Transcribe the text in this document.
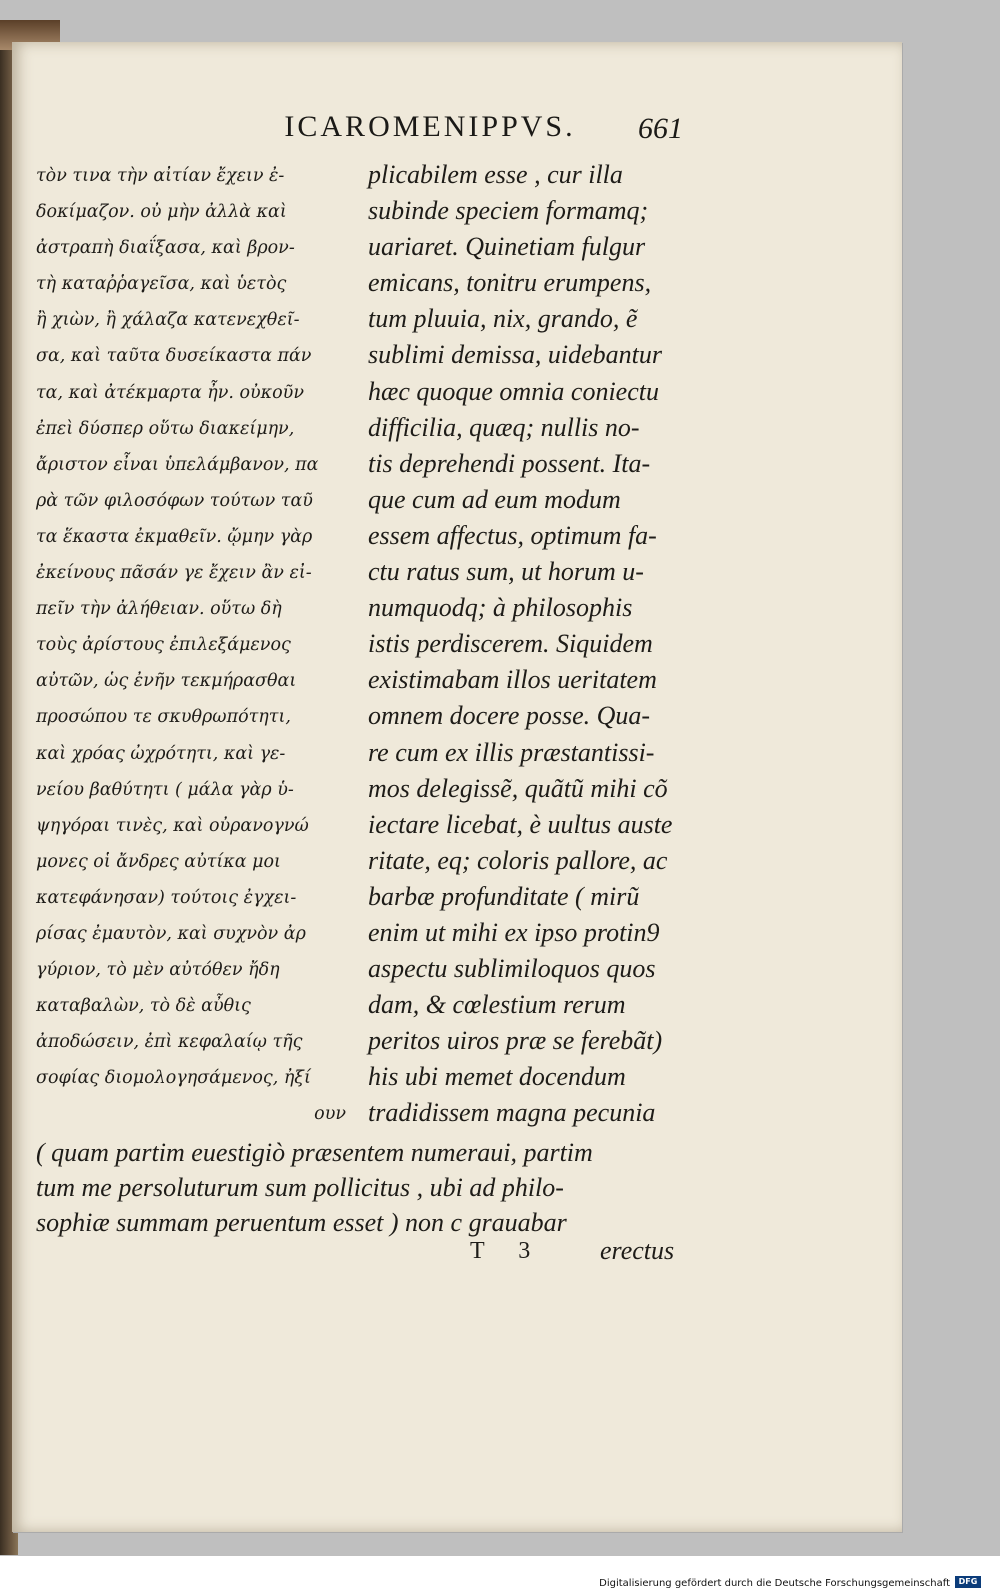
ICAROMENIPPVS.	661
τὸν τινα τὴν αἰτίαν ἔχειν ἐ-
δοκίμαζον. οὐ μὴν ἀλλὰ καὶ
ἀστραπὴ διαΐξασα, καὶ βρον-
τὴ καταῤῥαγεῖσα, καὶ ὑετὸς
ἢ χιὼν, ἢ χάλαζα κατενεχθεῖ-
σα, καὶ ταῦτα δυσείκαστα πάν
τα, καὶ ἀτέκμαρτα ἦν. οὐκοῦν
ἐπεὶ δύσπερ οὕτω διακείμην,
ἄριστον εἶναι ὑπελάμβανον, πα
ρὰ τῶν φιλοσόφων τούτων ταῦ
τα ἕκαστα ἐκμαθεῖν. ᾤμην γὰρ
ἐκείνους πᾶσάν γε ἔχειν ἂν εἰ-
πεῖν τὴν ἀλήθειαν. οὕτω δὴ
τοὺς ἀρίστους ἐπιλεξάμενος
αὐτῶν, ὡς ἐνῆν τεκμήρασθαι
προσώπου τε σκυθρωπότητι,
καὶ χρόας ὠχρότητι, καὶ γε-
νείου βαθύτητι ( μάλα γὰρ ὑ-
ψηγόραι τινὲς, καὶ οὐρανογνώ
μονες οἱ ἄνδρες αὐτίκα μοι
κατεφάνησαν) τούτοις ἐγχει-
ρίσας ἐμαυτὸν, καὶ συχνὸν ἀρ
γύριον, τὸ μὲν αὐτόθεν ἤδη
καταβαλὼν, τὸ δὲ αὖθις
ἀποδώσειν, ἐπὶ κεφαλαίῳ τῆς
σοφίας διομολογησάμενος, ἠξί
ουν
plicabilem esse , cur illa
subinde speciem formamq;
uariaret. Quinetiam fulgur
emicans, tonitru erumpens,
tum pluuia, nix, grando, ẽ
sublimi demissa, uidebantur
hæc quoque omnia coniectu
difficilia, quæq; nullis no-
tis deprehendi possent. Ita-
que cum ad eum modum
essem affectus, optimum fa-
ctu ratus sum, ut horum u-
numquodq; à philosophis
istis perdiscerem. Siquidem
existimabam illos ueritatem
omnem docere posse. Qua-
re cum ex illis præstantissi-
mos delegissẽ, quãtũ mihi cõ
iectare licebat, è uultus auste
ritate, eq; coloris pallore, ac
barbæ profunditate ( mirũ
enim ut mihi ex ipso protin9
aspectu sublimiloquos quos
dam, & cœlestium rerum
peritos uiros præ se ferebãt)
his ubi memet docendum
tradidissem magna pecunia
( quam partim euestigiò præsentem numeraui, partim
tum me persoluturum sum pollicitus , ubi ad philo-
sophiæ summam peruentum esset ) non c grauabar
T 3 erectus
Digitalisierung gefördert durch die Deutsche Forschungsgemeinschaft	DFG
